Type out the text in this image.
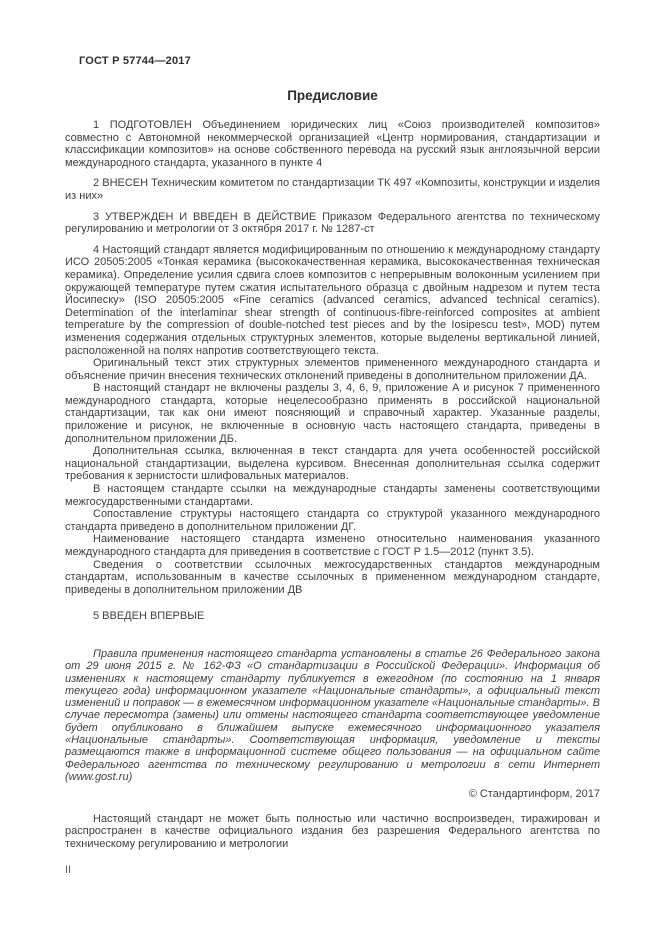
ГОСТ Р 57744—2017
Предисловие

1 ПОДГОТОВЛЕН Объединением юридических лиц «Союз производителей композитов» совместно с Автономной некоммерческой организацией «Центр нормирования, стандартизации и классификации композитов» на основе собственного перевода на русский язык англоязычной версии международного стандарта, указанного в пункте 4

2 ВНЕСЕН Техническим комитетом по стандартизации ТК 497 «Композиты, конструкции и изделия из них»

3 УТВЕРЖДЕН И ВВЕДЕН В ДЕЙСТВИЕ Приказом Федерального агентства по техническому регулированию и метрологии от 3 октября 2017 г. № 1287-ст

4 Настоящий стандарт является модифицированным по отношению к международному стандарту ИСО 20505:2005 «Тонкая керамика (высококачественная керамика, высококачественная техническая керамика). Определение усилия сдвига слоев композитов с непрерывным волоконным усилением при окружающей температуре путем сжатия испытательного образца с двойным надрезом и путем теста Йосипеску» (ISO 20505:2005 «Fine ceramics (advanced ceramics, advanced technical ceramics). Determination of the interlaminar shear strength of continuous-fibre-reinforced composites at ambient temperature by the compression of double-notched test pieces and by the Iosipescu test», MOD) путем изменения содержания отдельных структурных элементов, которые выделены вертикальной линией, расположенной на полях напротив соответствующего текста.

Оригинальный текст этих структурных элементов примененного международного стандарта и объяснение причин внесения технических отклонений приведены в дополнительном приложении ДА.

В настоящий стандарт не включены разделы 3, 4, 6, 9, приложение А и рисунок 7 примененного международного стандарта, которые нецелесообразно применять в российской национальной стандартизации, так как они имеют поясняющий и справочный характер. Указанные разделы, приложение и рисунок, не включенные в основную часть настоящего стандарта, приведены в дополнительном приложении ДБ.

Дополнительная ссылка, включенная в текст стандарта для учета особенностей российской национальной стандартизации, выделена курсивом. Внесенная дополнительная ссылка содержит требования к зернистости шлифовальных материалов.

В настоящем стандарте ссылки на международные стандарты заменены соответствующими межгосударственными стандартами.

Сопоставление структуры настоящего стандарта со структурой указанного международного стандарта приведено в дополнительном приложении ДГ.

Наименование настоящего стандарта изменено относительно наименования указанного международного стандарта для приведения в соответствие с ГОСТ Р 1.5—2012 (пункт 3.5).

Сведения о соответствии ссылочных межгосударственных стандартов международным стандартам, использованным в качестве ссылочных в примененном международном стандарте, приведены в дополнительном приложении ДВ

5 ВВЕДЕН ВПЕРВЫЕ

Правила применения настоящего стандарта установлены в статье 26 Федерального закона от 29 июня 2015 г. № 162-ФЗ «О стандартизации в Российской Федерации». Информация об изменениях к настоящему стандарту публикуется в ежегодном (по состоянию на 1 января текущего года) информационном указателе «Национальные стандарты», а официальный текст изменений и поправок — в ежемесячном информационном указателе «Национальные стандарты». В случае пересмотра (замены) или отмены настоящего стандарта соответствующее уведомление будет опубликовано в ближайшем выпуске ежемесячного информационного указателя «Национальные стандарты». Соответствующая информация, уведомление и тексты размещаются также в информационной системе общего пользования — на официальном сайте Федерального агентства по техническому регулированию и метрологии в сети Интернет (www.gost.ru)

© Стандартинформ, 2017

Настоящий стандарт не может быть полностью или частично воспроизведен, тиражирован и распространен в качестве официального издания без разрешения Федерального агентства по техническому регулированию и метрологии

II
